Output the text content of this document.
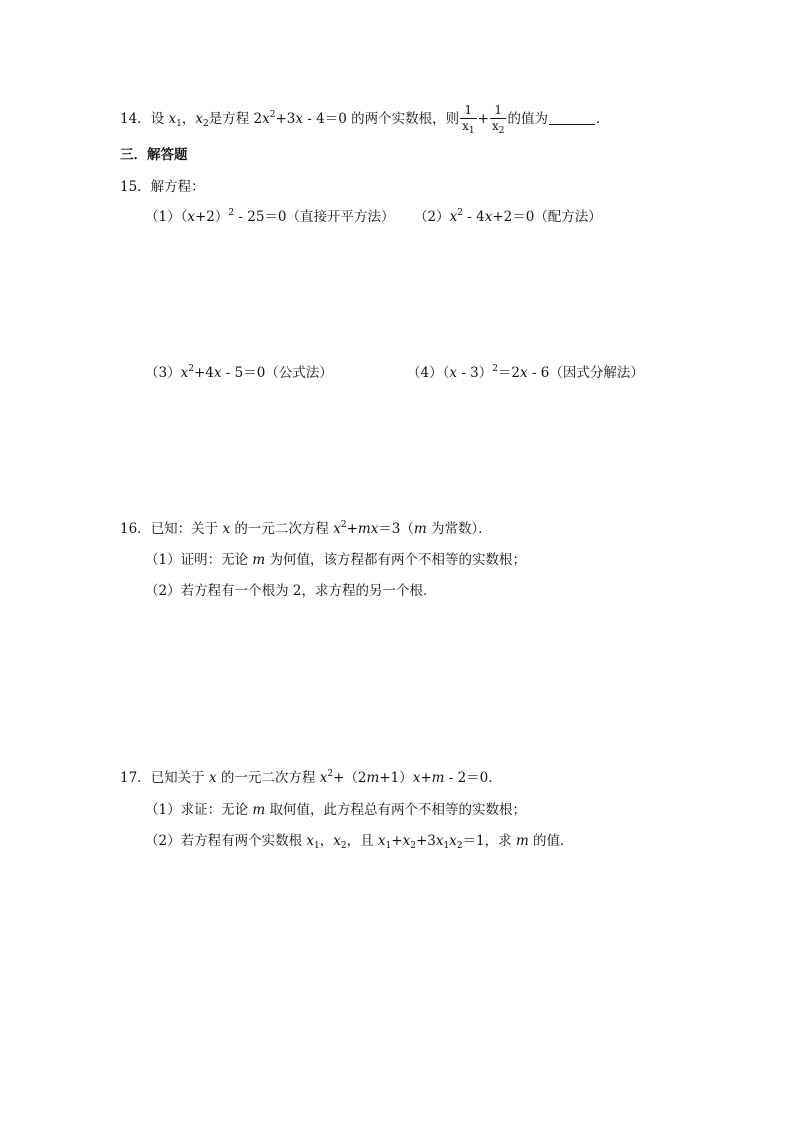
14．设 $x_1$，$x_2$是方程 $2x^2+3x - 4=0$ 的两个实数根，则 $\frac{1}{x_1} + \frac{1}{x_2}$ 的值为	．
三．解答题
15．解方程：
$(1)(x+2)^2 - 25=0$（直接开平方法） $(2)x^2 - 4x+2=0$（配方法）
$(3)x^2+4x - 5=0$（公式法）	（4）（x - 3）$^2$＝2x - 6（因式分解法）
16．已知：关于 x 的一元二次方程 $x^2+mx=3(m$ 为常数）．
（1）证明：无论 m 为何值，该方程都有两个不相等的实数根；
（2）若方程有一个根为 2，求方程的另一个根．
17．已知关于 x 的一元二次方程 $x^2+(2m+1)x+m - 2=0$．
（1）求证：无论 m 取何值，此方程总有两个不相等的实数根；
（2）若方程有两个实数根 $x_1$，$x_2$，且 $x_1+x_2+3x_1x_2=1$，求 m 的值．
